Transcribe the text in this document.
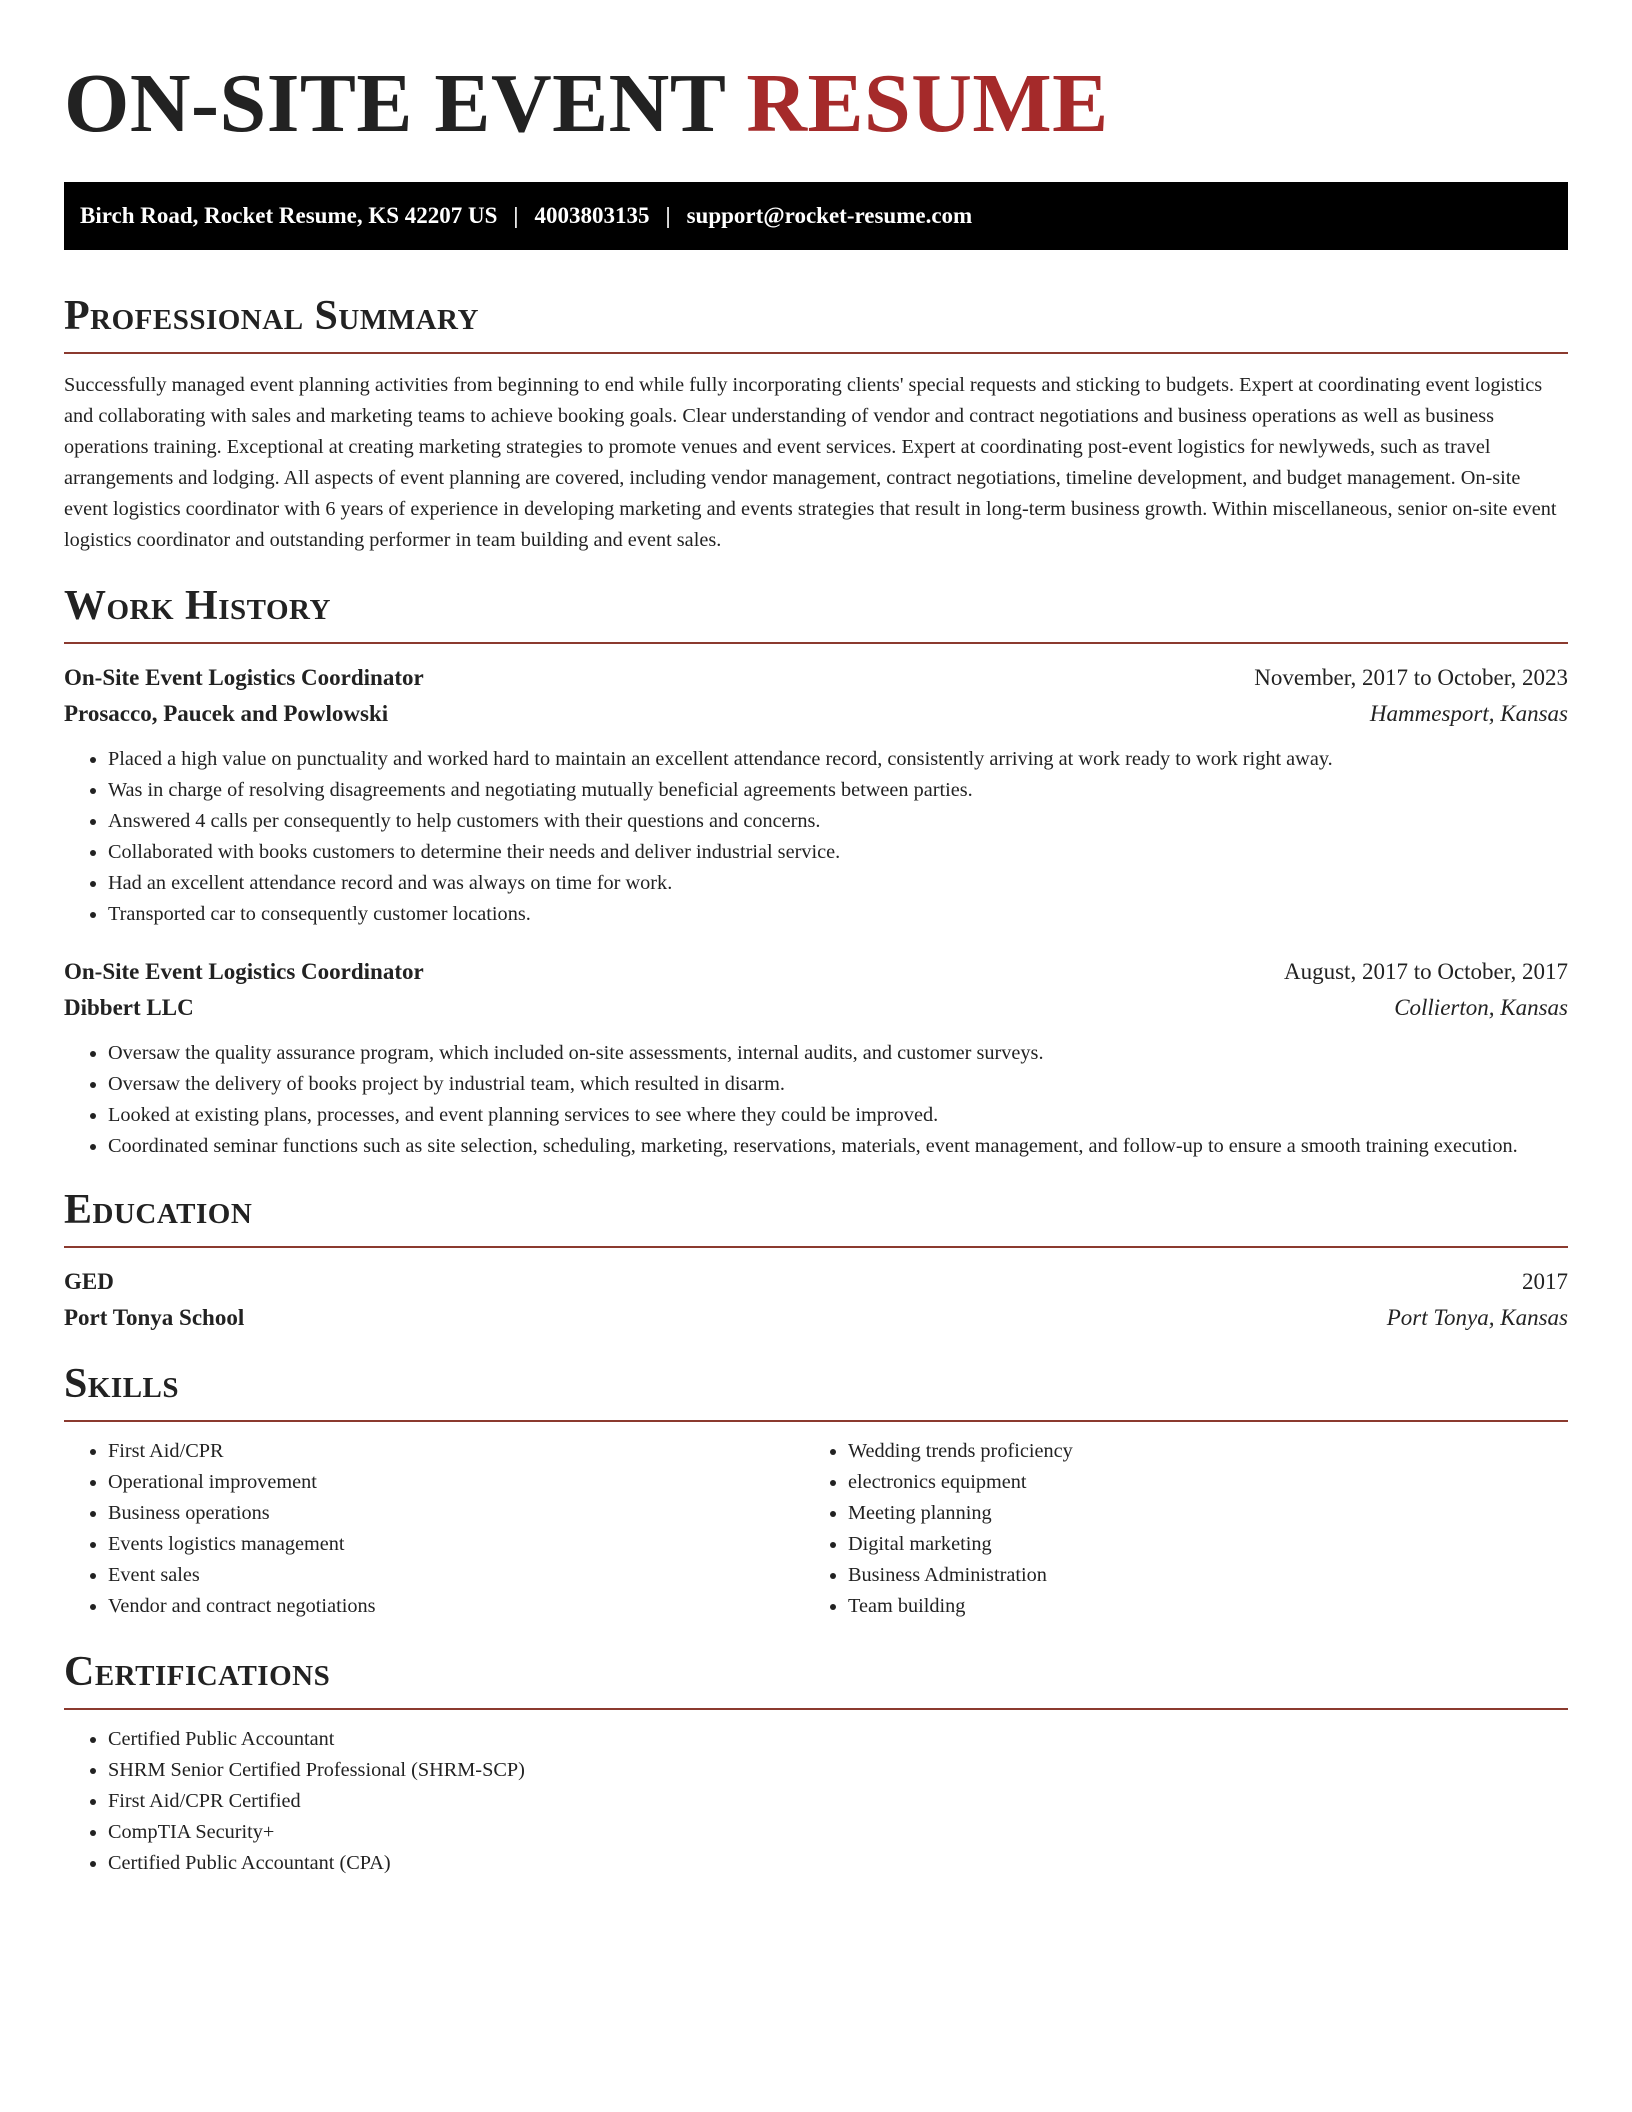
ON-SITE EVENT RESUME
Birch Road, Rocket Resume, KS 42207 US | 4003803135 | support@rocket-resume.com
Professional Summary

Successfully managed event planning activities from beginning to end while fully incorporating clients' special requests and sticking to budgets. Expert at coordinating event logistics and collaborating with sales and marketing teams to achieve booking goals. Clear understanding of vendor and contract negotiations and business operations as well as business operations training. Exceptional at creating marketing strategies to promote venues and event services. Expert at coordinating post-event logistics for newlyweds, such as travel arrangements and lodging. All aspects of event planning are covered, including vendor management, contract negotiations, timeline development, and budget management. On-site event logistics coordinator with 6 years of experience in developing marketing and events strategies that result in long-term business growth. Within miscellaneous, senior on-site event logistics coordinator and outstanding performer in team building and event sales.

Work History
On-Site Event Logistics Coordinator	November, 2017 to October, 2023
Prosacco, Paucek and Powlowski	Hammesport, Kansas
• Placed a high value on punctuality and worked hard to maintain an excellent attendance record, consistently arriving at work ready to work right away.
• Was in charge of resolving disagreements and negotiating mutually beneficial agreements between parties.
• Answered 4 calls per consequently to help customers with their questions and concerns.
• Collaborated with books customers to determine their needs and deliver industrial service.
• Had an excellent attendance record and was always on time for work.
• Transported car to consequently customer locations.
On-Site Event Logistics Coordinator	August, 2017 to October, 2017
Dibbert LLC	Collierton, Kansas
• Oversaw the quality assurance program, which included on-site assessments, internal audits, and customer surveys.
• Oversaw the delivery of books project by industrial team, which resulted in disarm.
• Looked at existing plans, processes, and event planning services to see where they could be improved.
• Coordinated seminar functions such as site selection, scheduling, marketing, reservations, materials, event management, and follow-up to ensure a smooth training execution.
Education
GED	2017
Port Tonya School	Port Tonya, Kansas
Skills
• First Aid/CPR
• Operational improvement
• Business operations
• Events logistics management
• Event sales
• Vendor and contract negotiations
• Wedding trends proficiency
• electronics equipment
• Meeting planning
• Digital marketing
• Business Administration
• Team building
Certifications
• Certified Public Accountant
• SHRM Senior Certified Professional (SHRM-SCP)
• First Aid/CPR Certified
• CompTIA Security+
• Certified Public Accountant (CPA)
